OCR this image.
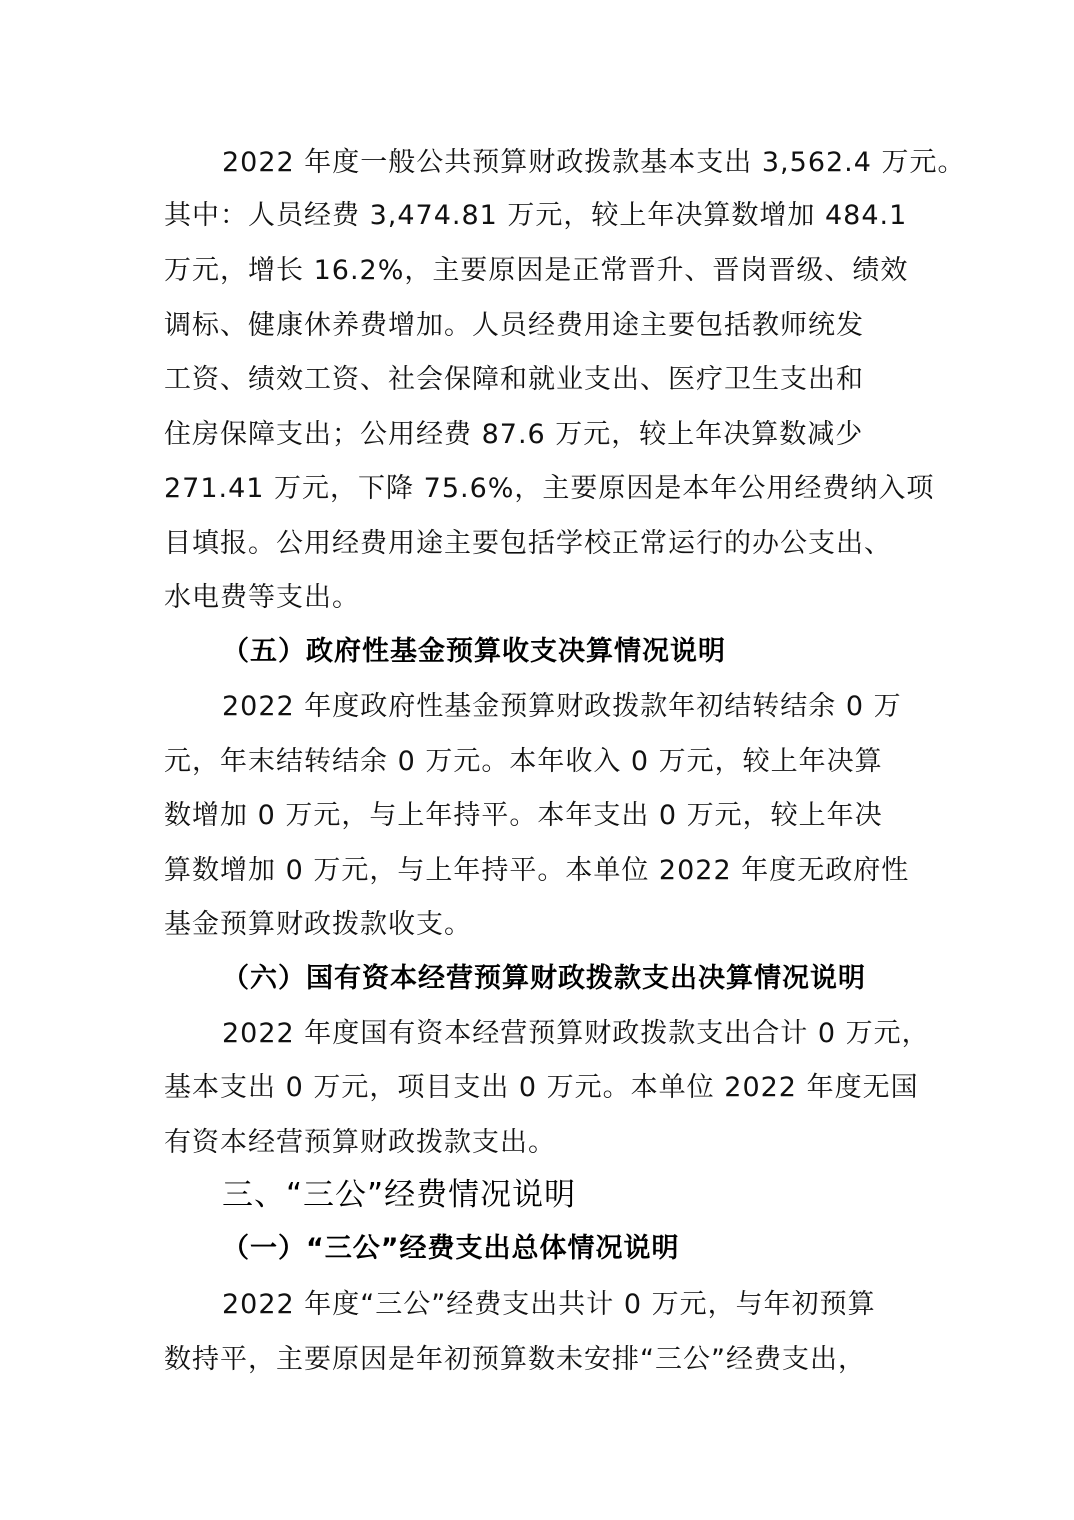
2022 年度一般公共预算财政拨款基本支出 3,562.4 万元。
其中：人员经费 3,474.81 万元，较上年决算数增加 484.1
万元，增长 16.2%，主要原因是正常晋升、晋岗晋级、绩效
调标、健康休养费增加。人员经费用途主要包括教师统发
工资、绩效工资、社会保障和就业支出、医疗卫生支出和
住房保障支出；公用经费 87.6 万元，较上年决算数减少
271.41 万元，下降 75.6%，主要原因是本年公用经费纳入项
目填报。公用经费用途主要包括学校正常运行的办公支出、
水电费等支出。
（五）政府性基金预算收支决算情况说明
2022 年度政府性基金预算财政拨款年初结转结余 0 万
元，年末结转结余 0 万元。本年收入 0 万元，较上年决算
数增加 0 万元，与上年持平。本年支出 0 万元，较上年决
算数增加 0 万元，与上年持平。本单位 2022 年度无政府性
基金预算财政拨款收支。
（六）国有资本经营预算财政拨款支出决算情况说明
2022 年度国有资本经营预算财政拨款支出合计 0 万元，
基本支出 0 万元，项目支出 0 万元。本单位 2022 年度无国
有资本经营预算财政拨款支出。
三、“三公”经费情况说明
（一）“三公”经费支出总体情况说明
2022 年度“三公”经费支出共计 0 万元，与年初预算
数持平，主要原因是年初预算数未安排“三公”经费支出，
